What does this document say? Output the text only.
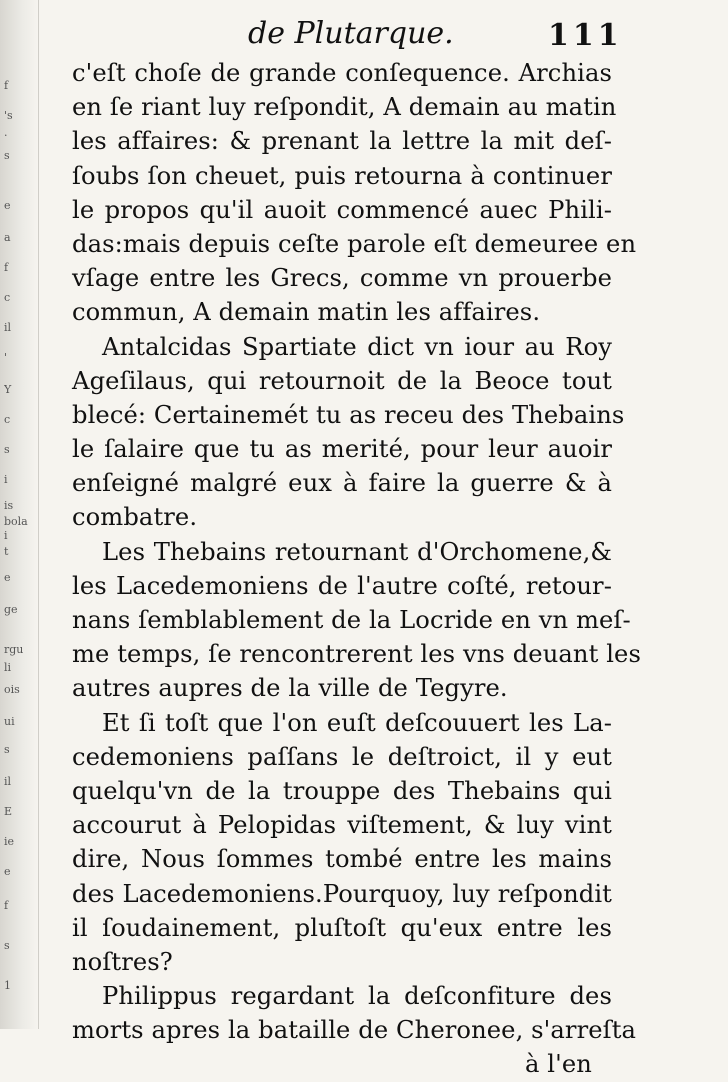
f
's
·
s
e
a
f
c
il
'
Y
c
s
i
is
i
t
bola
e
ge
rgu
li
ois
ui
s
il
E
ie
e
f
s
1
de Plutarque.	111
c'eſt choſe de grande conſequence. Archias
en ſe riant luy reſpondit, A demain au matin
les affaires: & prenant la lettre la mit deſ-
ſoubs ſon cheuet, puis retourna à continuer
le propos qu'il auoit commencé auec Phili-
das:mais depuis ceſte parole eſt demeuree en
vſage entre les Grecs, comme vn prouerbe
commun, A demain matin les affaires.
Antalcidas Spartiate dict vn iour au Roy
Ageſilaus, qui retournoit de la Beoce tout
bleсé: Certainemét tu as receu des Thebains
le ſalaire que tu as merité, pour leur auoir
enſeigné malgré eux à faire la guerre & à
combatre.
Les Thebains retournant d'Orchomene,&
les Lacedemoniens de l'autre coſté, retour-
nans ſemblablement de la Locride en vn meſ-
me temps, ſe rencontrerent les vns deuant les
autres aupres de la ville de Tegyre.
Et ſi toſt que l'on euſt deſcouuert les La-
cedemoniens paſſans le deſtroict, il y eut
quelqu'vn de la trouppe des Thebains qui
accourut à Pelopidas viſtement, & luy vint
dire, Nous ſommes tombé entre les mains
des Lacedemoniens.Pourquoy, luy reſpondit
il ſoudainement, pluſtoſt qu'eux entre les
noſtres?
Philippus regardant la deſconfiture des
morts apres la bataille de Cheronee, s'arreſta
à l'en
